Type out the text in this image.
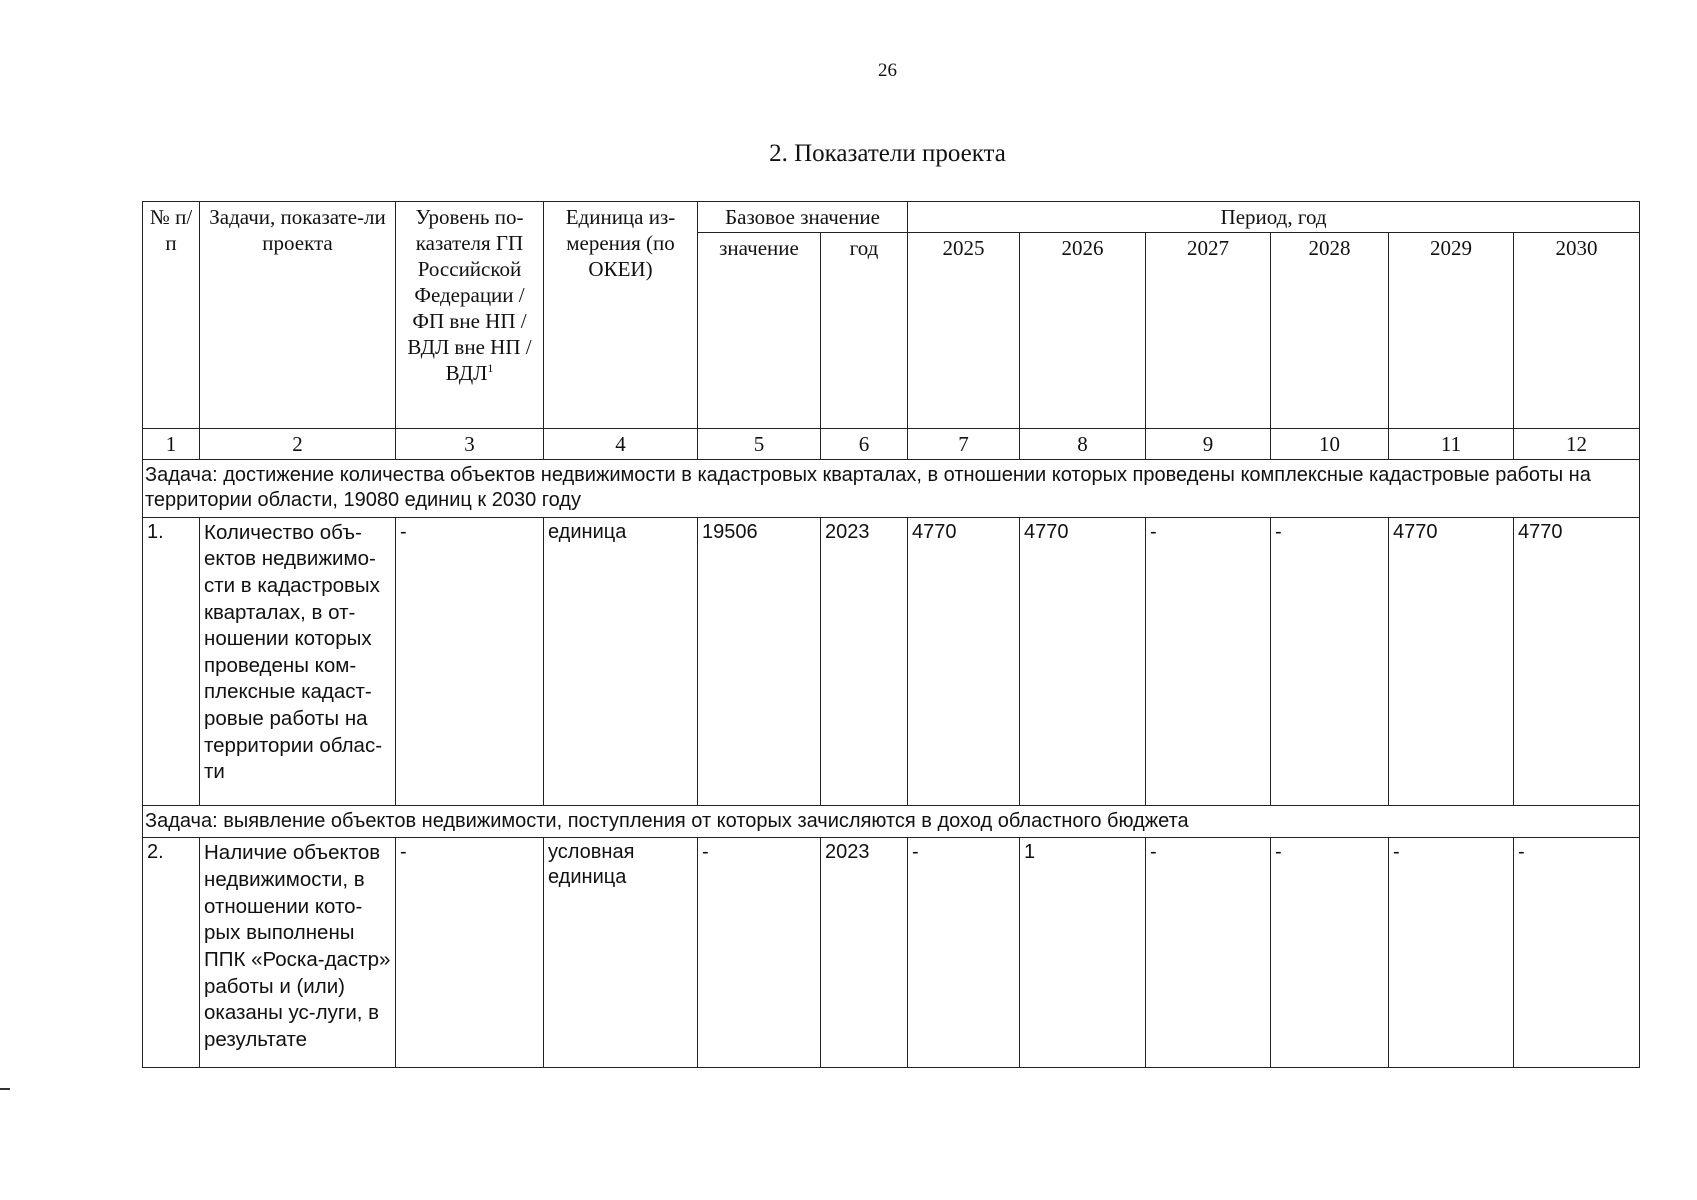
26
2. Показатели проекта
№ п/п	Задачи, показате-ли проекта	Уровень по-казателя ГП Российской Федерации / ФП вне НП / ВДЛ вне НП / ВДЛ$^1$	Единица из-мерения (по ОКЕИ)	Базовое значение		Период, год					
				значение	год	2025	2026	2027	2028	2029	2030
1	2	3	4	5	6	7	8	9	10	11	12
Задача: достижение количества объектов недвижимости в кадастровых кварталах, в отношении которых проведены комплексные кадастровые работы на территории области, 19080 единиц к 2030 году											
1.	Количество объ-ектов недвижимо-сти в кадастровых кварталах, в от-ношении которых проведены ком-плексные кадаст-ровые работы на территории облас-ти	-	единица	19506	2023	4770	4770	-	-	4770	4770
Задача: выявление объектов недвижимости, поступления от которых зачисляются в доход областного бюджета											
2.	Наличие объектов недвижимости, в отношении кото-рых выполнены ППК «Роска-дастр» работы и (или) оказаны ус-луги, в результате	-	условная единица	-	2023	-	1	-	-	-	-
